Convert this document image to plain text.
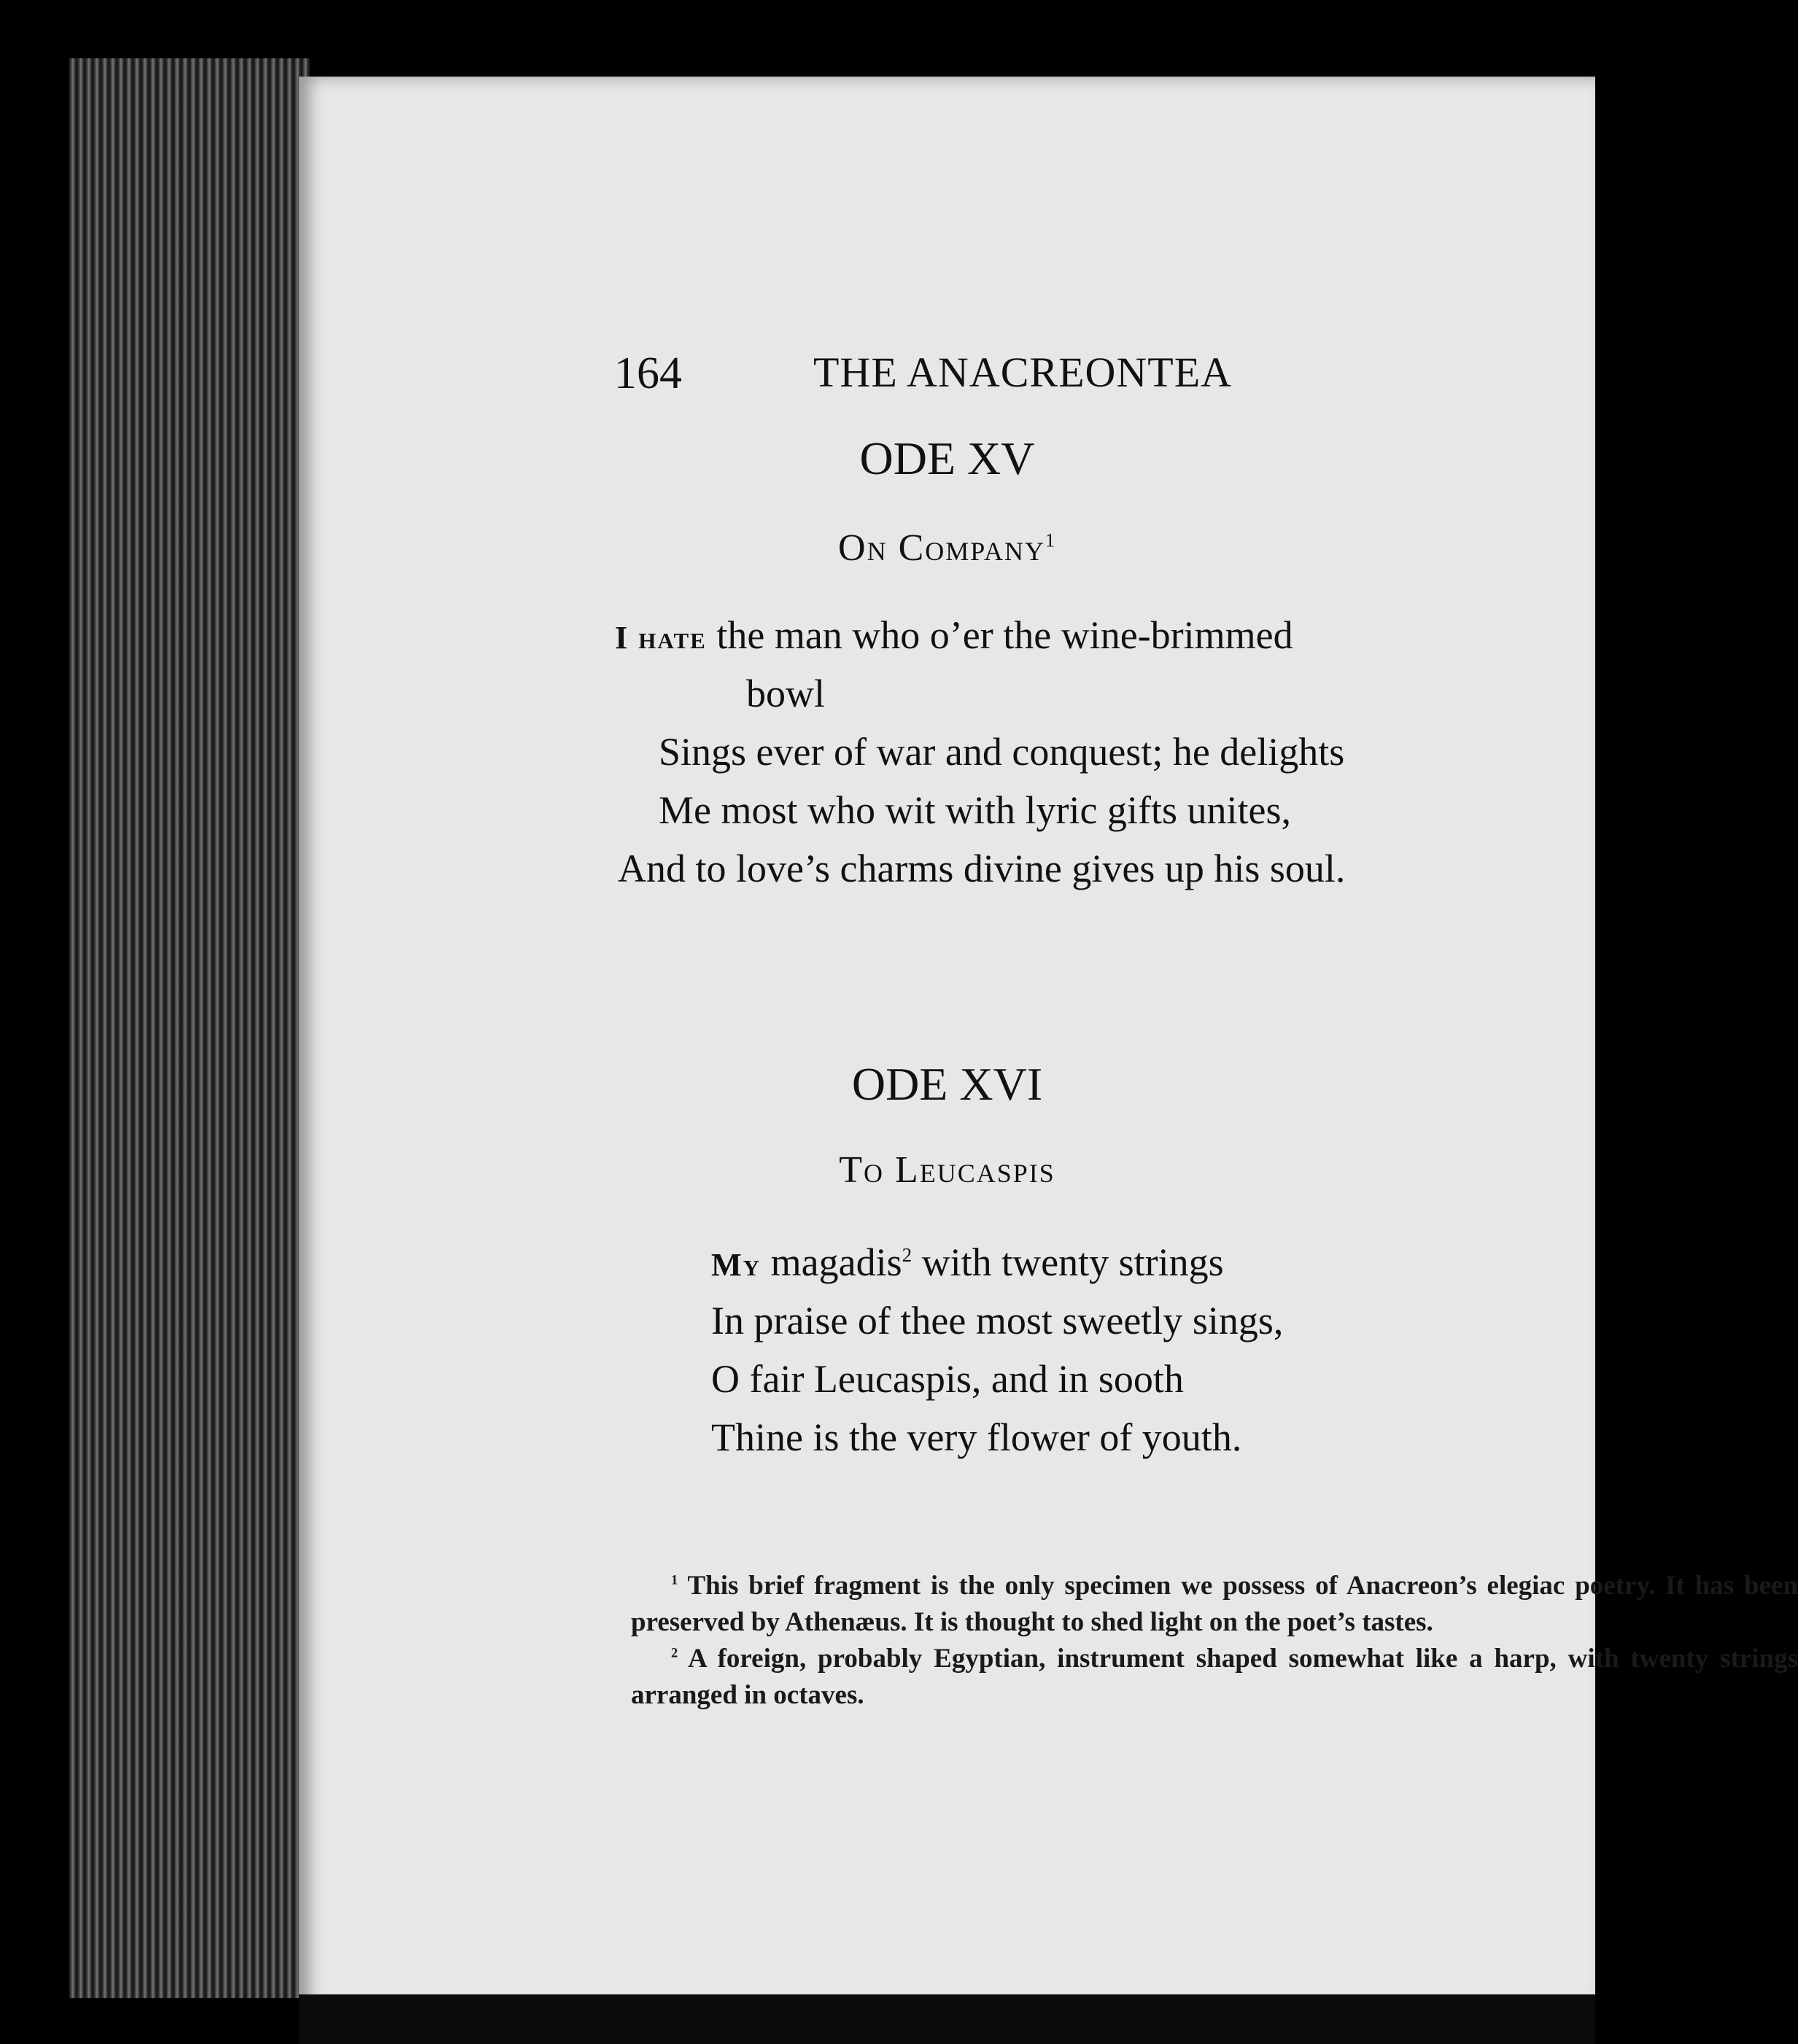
164	THE ANACREONTEA
ODE XV
On Company$^1$
I hate the man who o’er the wine-brimmed
bowl
Sings ever of war and conquest; he delights
Me most who wit with lyric gifts unites,
And to love’s charms divine gives up his soul.
ODE XVI
To Leucaspis
My magadis$^2$ with twenty strings
In praise of thee most sweetly sings,
O fair Leucaspis, and in sooth
Thine is the very flower of youth.

$^1$ This brief fragment is the only specimen we possess of Anacreon’s elegiac poetry. It has been preserved by Athenæus. It is thought to shed light on the poet’s tastes.

$^2$ A foreign, probably Egyptian, instrument shaped somewhat like a harp, with twenty strings arranged in octaves.
